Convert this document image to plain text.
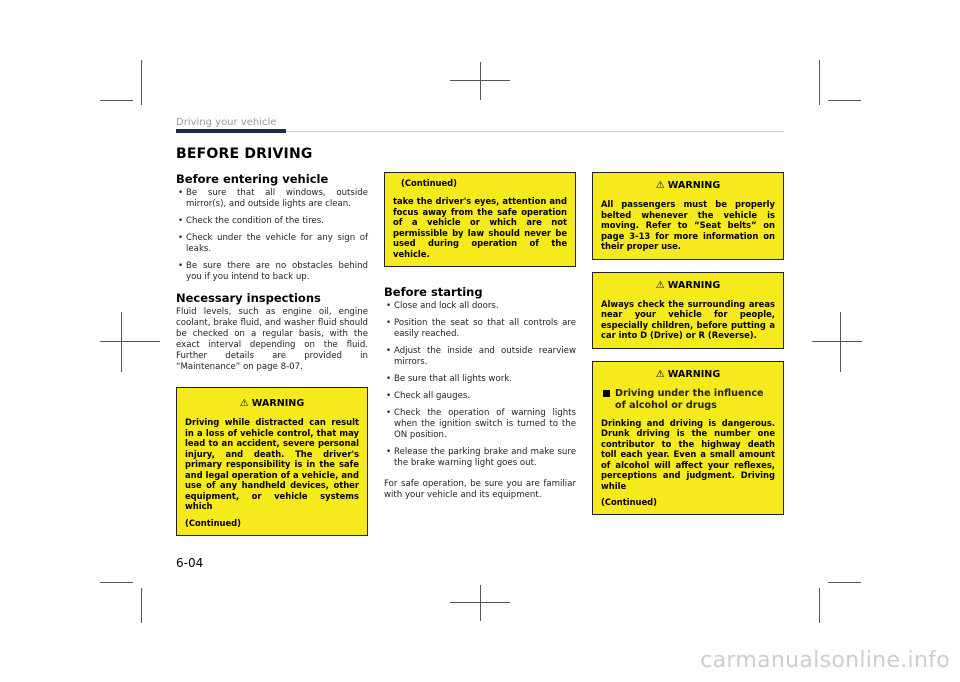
Driving your vehicle
BEFORE DRIVING
Before entering vehicle
• Be sure that all windows, outside mirror(s), and outside lights are clean.
• Check the condition of the tires.
• Check under the vehicle for any sign of leaks.
• Be sure there are no obstacles behind you if you intend to back up.
Necessary inspections

Fluid levels, such as engine oil, engine coolant, brake fluid, and washer fluid should be checked on a regular basis, with the exact interval depending on the fluid. Further details are provided in “Maintenance” on page 8-07.

⚠ WARNING

Driving while distracted can result in a loss of vehicle control, that may lead to an accident, severe personal injury, and death. The driver's primary responsibility is in the safe and legal operation of a vehicle, and use of any handheld devices, other equipment, or vehicle systems which

(Continued)

(Continued)

take the driver's eyes, attention and focus away from the safe operation of a vehicle or which are not permissible by law should never be used during operation of the vehicle.

Before starting
• Close and lock all doors.
• Position the seat so that all controls are easily reached.
• Adjust the inside and outside rearview mirrors.
• Be sure that all lights work.
• Check all gauges.
• Check the operation of warning lights when the ignition switch is turned to the ON position.
• Release the parking brake and make sure the brake warning light goes out.

For safe operation, be sure you are familiar with your vehicle and its equipment.

⚠ WARNING

All passengers must be properly belted whenever the vehicle is moving. Refer to “Seat belts” on page 3-13 for more information on their proper use.

⚠ WARNING

Always check the surrounding areas near your vehicle for people, especially children, before putting a car into D (Drive) or R (Reverse).

⚠ WARNING
Driving under the influence of alcohol or drugs

Drinking and driving is dangerous. Drunk driving is the number one contributor to the highway death toll each year. Even a small amount of alcohol will affect your reflexes, perceptions and judgment. Driving while

(Continued)

6-04
carmanualsonline.info
